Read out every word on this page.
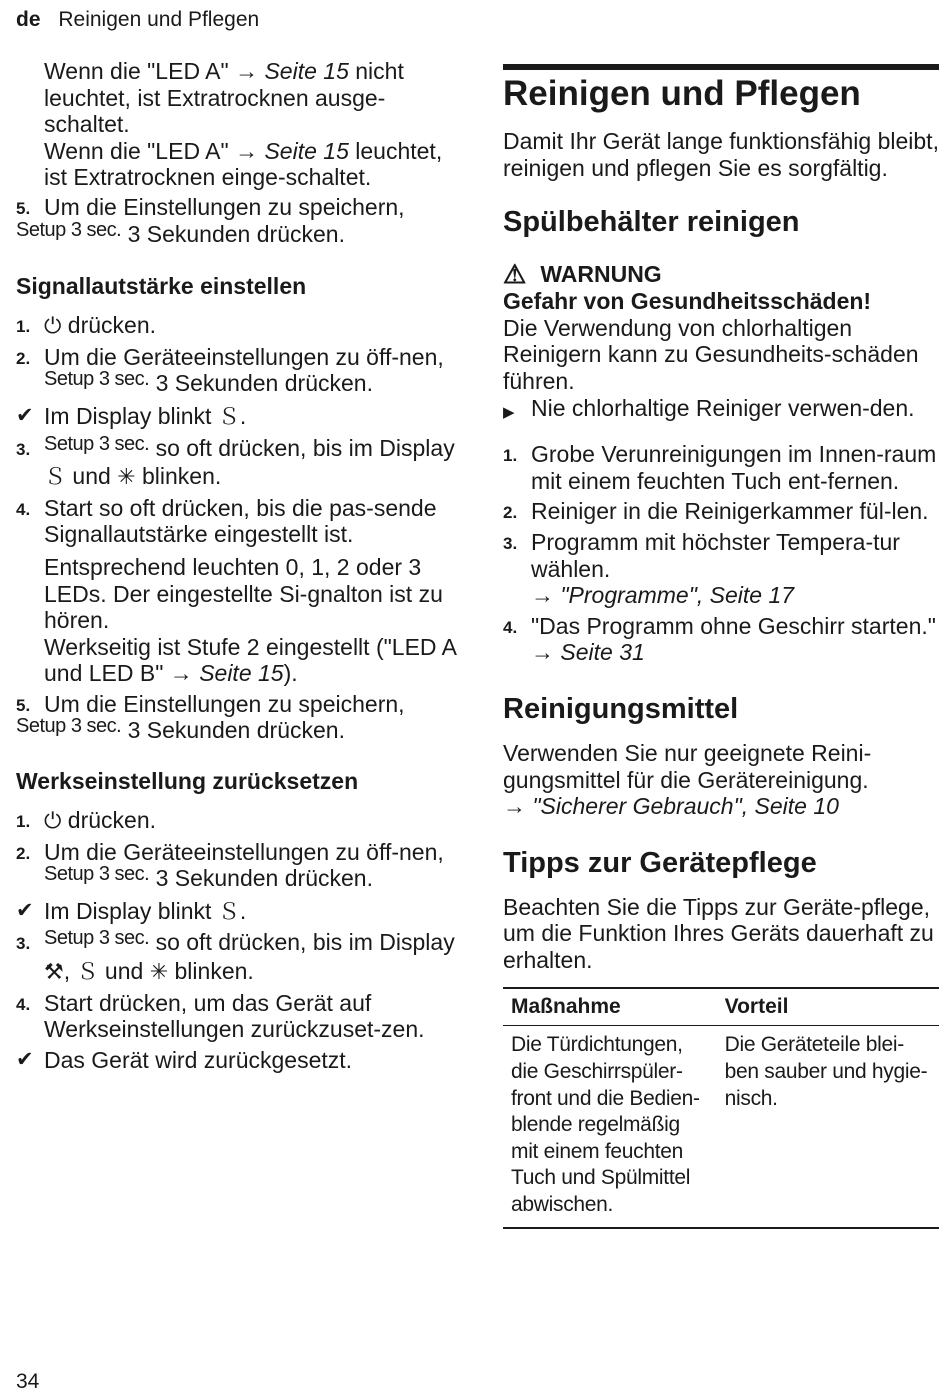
de Reinigen und Pflegen

Wenn die "LED A" → Seite 15 nicht leuchtet, ist Extratrocknen ausge-schaltet.

Wenn die "LED A" → Seite 15 leuchtet, ist Extratrocknen einge-schaltet.

5. Um die Einstellungen zu speichern,
Setup 3 sec. 3 Sekunden drücken.
Signallautstärke einstellen
1. ⏻ drücken.
2. Um die Geräteeinstellungen zu öff-nen, Setup 3 sec. 3 Sekunden drücken.
✔ Im Display blinkt Ｓ.
3. Setup 3 sec. so oft drücken, bis im Display Ｓ und ✳ blinken.
4. Start so oft drücken, bis die pas-sende Signallautstärke eingestellt ist.

Entsprechend leuchten 0, 1, 2 oder 3 LEDs. Der eingestellte Si-gnalton ist zu hören.

Werkseitig ist Stufe 2 eingestellt ("LED A und LED B" → Seite 15).

5. Um die Einstellungen zu speichern,
Setup 3 sec. 3 Sekunden drücken.
Werkseinstellung zurücksetzen
1. ⏻ drücken.
2. Um die Geräteeinstellungen zu öff-nen, Setup 3 sec. 3 Sekunden drücken.
✔ Im Display blinkt Ｓ.
3. Setup 3 sec. so oft drücken, bis im Display ⚒, Ｓ und ✳ blinken.
4. Start drücken, um das Gerät auf Werkseinstellungen zurückzuset-zen.
✔ Das Gerät wird zurückgesetzt.
Reinigen und Pflegen

Damit Ihr Gerät lange funktionsfähig bleibt, reinigen und pflegen Sie es sorgfältig.

Spülbehälter reinigen
⚠ WARNUNG
Gefahr von Gesundheitsschäden!

Die Verwendung von chlorhaltigen Reinigern kann zu Gesundheits-schäden führen.

▶ Nie chlorhaltige Reiniger verwen-den.
1. Grobe Verunreinigungen im Innen-raum mit einem feuchten Tuch ent-fernen.
2. Reiniger in die Reinigerkammer fül-len.
3. Programm mit höchster Tempera-tur wählen.
→ "Programme", Seite 17
4. "Das Programm ohne Geschirr starten." → Seite 31
Reinigungsmittel

Verwenden Sie nur geeignete Reini-gungsmittel für die Gerätereinigung.

→ "Sicherer Gebrauch", Seite 10

Tipps zur Gerätepflege

Beachten Sie die Tipps zur Geräte-pflege, um die Funktion Ihres Geräts dauerhaft zu erhalten.

Maßnahme	Vorteil
Die Türdichtungen, die Geschirrspüler-front und die Bedien-blende regelmäßig mit einem feuchten Tuch und Spülmittel abwischen.	Die Geräteteile blei-ben sauber und hygie-nisch.
34
